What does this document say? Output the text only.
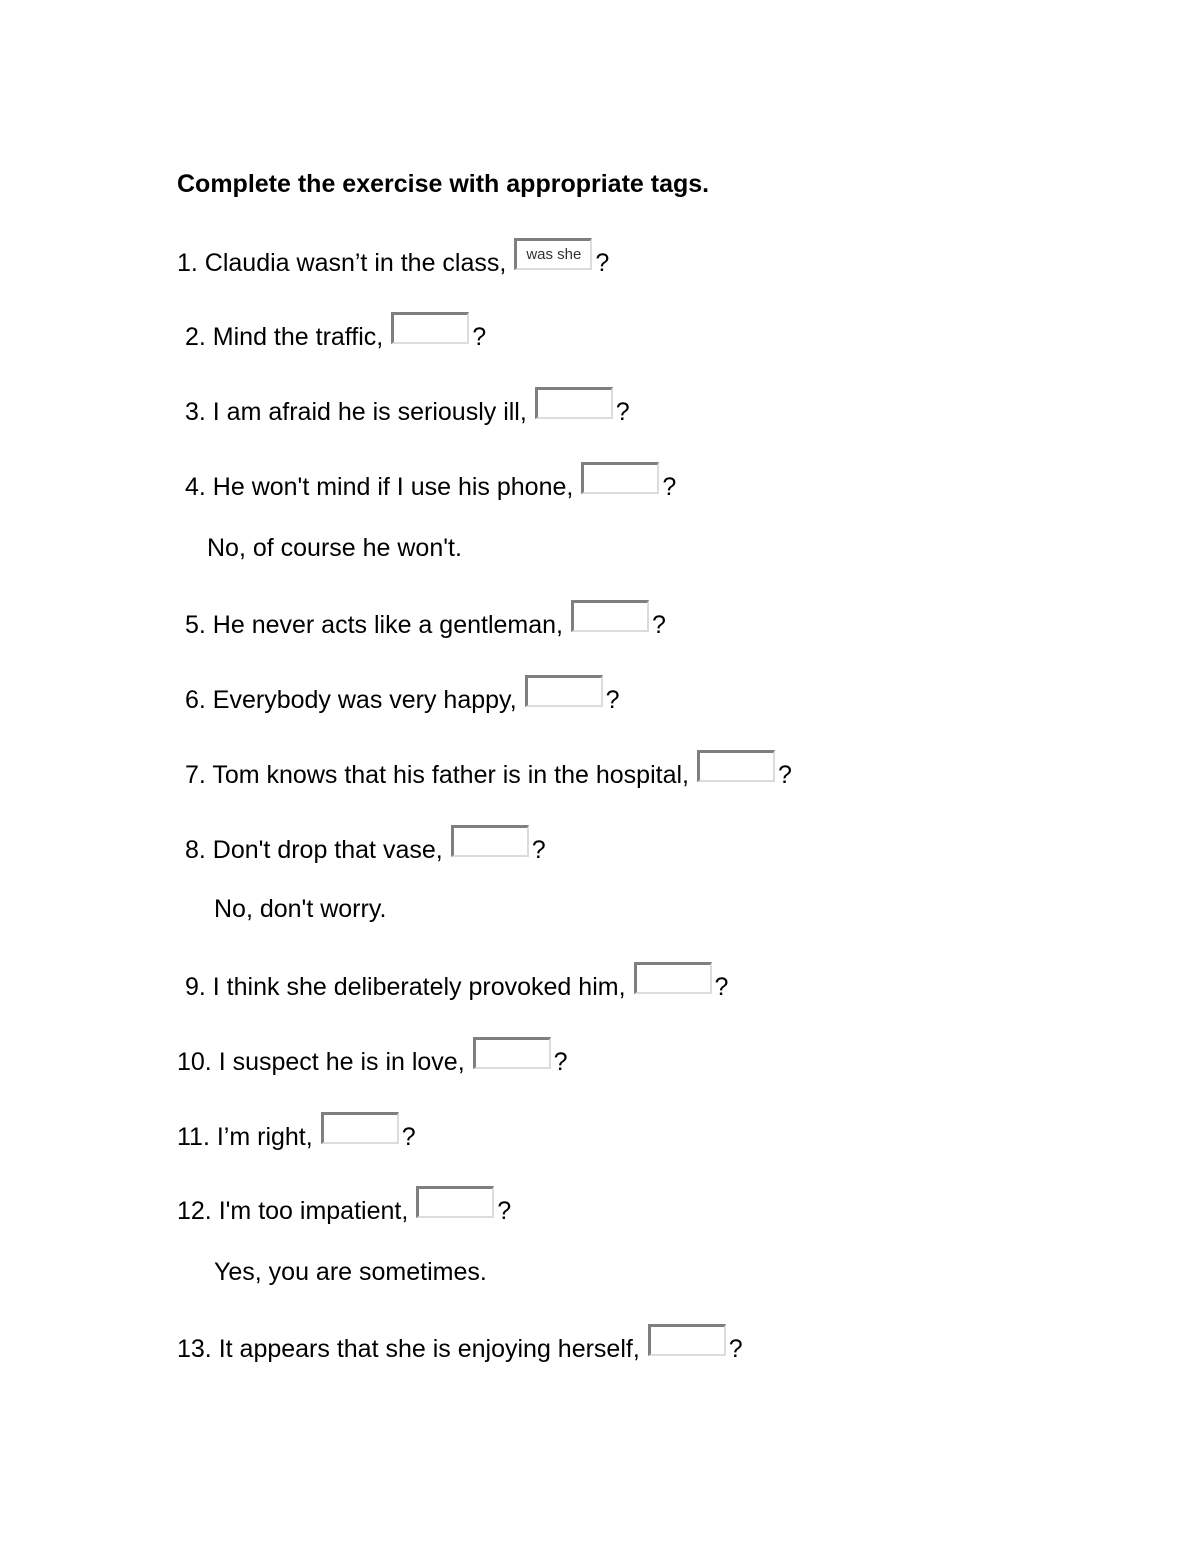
Complete the exercise with appropriate tags.
1. Claudia wasn’t in the class,was she	?
2. Mind the traffic,	?
3. I am afraid he is seriously ill,	?
4. He won't mind if I use his phone,	?
No, of course he won't.
5. He never acts like a gentleman,	?
6. Everybody was very happy,	?
7. Tom knows that his father is in the hospital,	?
8. Don't drop that vase,	?
No, don't worry.
9. I think she deliberately provoked him,	?
10. I suspect he is in love,	?
11. I’m right,	?
12. I'm too impatient,	?
Yes, you are sometimes.
13. It appears that she is enjoying herself,	?
